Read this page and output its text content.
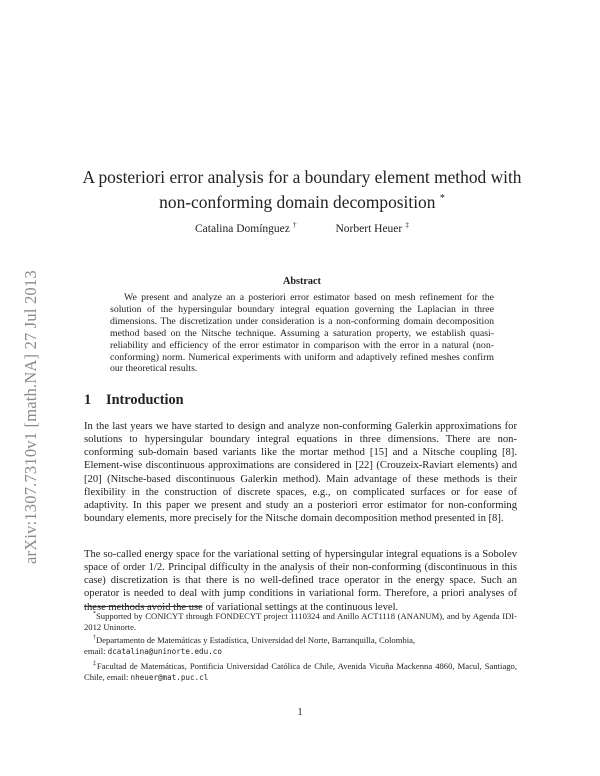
arXiv:1307.7310v1 [math.NA] 27 Jul 2013
A posteriori error analysis for a boundary element method with
non-conforming domain decomposition *
Catalina Domínguez †	Norbert Heuer ‡
Abstract
We present and analyze an a posteriori error estimator based on mesh refinement for the solution of the hypersingular boundary integral equation governing the Laplacian in three dimensions. The discretization under consideration is a non-conforming domain decomposition method based on the Nitsche technique. Assuming a saturation property, we establish quasi-reliability and efficiency of the error estimator in comparison with the error in a natural (non-conforming) norm. Numerical experiments with uniform and adaptively refined meshes confirm our theoretical results.
1 Introduction
In the last years we have started to design and analyze non-conforming Galerkin approximations for solutions to hypersingular boundary integral equations in three dimensions. There are non-conforming sub-domain based variants like the mortar method [15] and a Nitsche coupling [8]. Element-wise discontinuous approximations are considered in [22] (Crouzeix-Raviart elements) and [20] (Nitsche-based discontinuous Galerkin method). Main advantage of these methods is their flexibility in the construction of discrete spaces, e.g., on complicated surfaces or for ease of adaptivity. In this paper we present and study an a posteriori error estimator for non-conforming boundary elements, more precisely for the Nitsche domain decomposition method presented in [8].
The so-called energy space for the variational setting of hypersingular integral equations is a Sobolev space of order 1/2. Principal difficulty in the analysis of their non-conforming (discontinuous in this case) discretization is that there is no well-defined trace operator in the energy space. Such an operator is needed to deal with jump conditions in variational form. Therefore, a priori analyses of these methods avoid the use of variational settings at the continuous level.

*Supported by CONICYT through FONDECYT project 1110324 and Anillo ACT1118 (ANANUM), and by Agenda IDI-2012 Uninorte.

†Departamento de Matemáticas y Estadística, Universidad del Norte, Barranquilla, Colombia,
email: dcatalina@uninorte.edu.co

‡Facultad de Matemáticas, Pontificia Universidad Católica de Chile, Avenida Vicuña Mackenna 4860, Macul, Santiago, Chile, email: nheuer@mat.puc.cl

1
